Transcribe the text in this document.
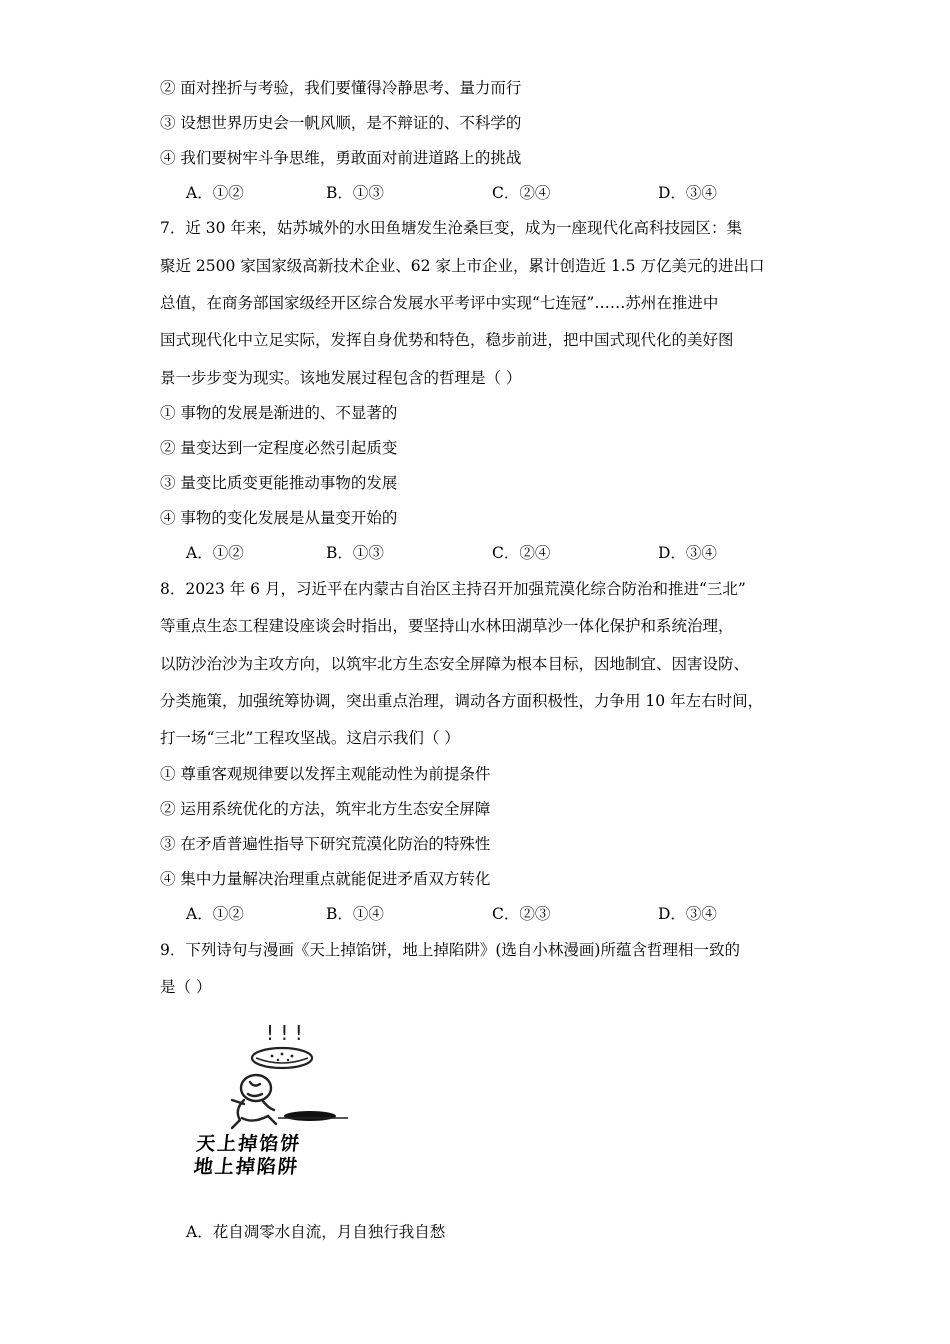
② 面对挫折与考验，我们要懂得冷静思考、量力而行
③ 设想世界历史会一帆风顺，是不辩证的、不科学的
④ 我们要树牢斗争思维，勇敢面对前进道路上的挑战
A．①②	B．①③	C．②④	D．③④
7．近 30 年来，姑苏城外的水田鱼塘发生沧桑巨变，成为一座现代化高科技园区：集
聚近 2500 家国家级高新技术企业、62 家上市企业，累计创造近 1.5 万亿美元的进出口
总值，在商务部国家级经开区综合发展水平考评中实现“七连冠”……苏州在推进中
国式现代化中立足实际，发挥自身优势和特色，稳步前进，把中国式现代化的美好图
景一步步变为现实。该地发展过程包含的哲理是（ ）
① 事物的发展是渐进的、不显著的
② 量变达到一定程度必然引起质变
③ 量变比质变更能推动事物的发展
④ 事物的变化发展是从量变开始的
A．①②	B．①③	C．②④	D．③④
8．2023 年 6 月，习近平在内蒙古自治区主持召开加强荒漠化综合防治和推进“三北”
等重点生态工程建设座谈会时指出，要坚持山水林田湖草沙一体化保护和系统治理，
以防沙治沙为主攻方向，以筑牢北方生态安全屏障为根本目标，因地制宜、因害设防、
分类施策，加强统筹协调，突出重点治理，调动各方面积极性，力争用 10 年左右时间，
打一场“三北”工程攻坚战。这启示我们（ ）
① 尊重客观规律要以发挥主观能动性为前提条件
② 运用系统优化的方法，筑牢北方生态安全屏障
③ 在矛盾普遍性指导下研究荒漠化防治的特殊性
④ 集中力量解决治理重点就能促进矛盾双方转化
A．①②	B．①④	C．②③	D．③④
9．下列诗句与漫画《天上掉馅饼，地上掉陷阱》(选自小林漫画)所蕴含哲理相一致的
是（ ）
! ! !
天上掉馅饼
地上掉陷阱
A．花自凋零水自流，月自独行我自愁
